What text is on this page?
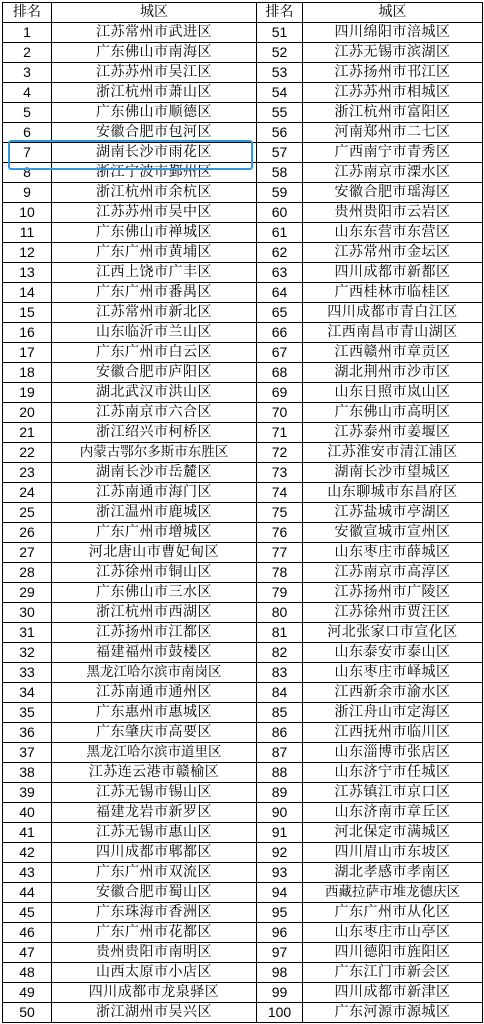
排名	城区	排名	城区
1	江苏常州市武进区	51	四川绵阳市涪城区
2	广东佛山市南海区	52	江苏无锡市滨湖区
3	江苏苏州市吴江区	53	江苏扬州市邗江区
4	浙江杭州市萧山区	54	江苏苏州市相城区
5	广东佛山市顺德区	55	浙江杭州市富阳区
6	安徽合肥市包河区	56	河南郑州市二七区
7	湖南长沙市雨花区	57	广西南宁市青秀区
8	浙江宁波市鄞州区	58	江苏南京市溧水区
9	浙江杭州市余杭区	59	安徽合肥市瑶海区
10	江苏苏州市吴中区	60	贵州贵阳市云岩区
11	广东佛山市禅城区	61	山东东营市东营区
12	广东广州市黄埔区	62	江苏常州市金坛区
13	江西上饶市广丰区	63	四川成都市新都区
14	广东广州市番禺区	64	广西桂林市临桂区
15	江苏常州市新北区	65	四川成都市青白江区
16	山东临沂市兰山区	66	江西南昌市青山湖区
17	广东广州市白云区	67	江西赣州市章贡区
18	安徽合肥市庐阳区	68	湖北荆州市沙市区
19	湖北武汉市洪山区	69	山东日照市岚山区
20	江苏南京市六合区	70	广东佛山市高明区
21	浙江绍兴市柯桥区	71	江苏泰州市姜堰区
22	内蒙古鄂尔多斯市东胜区	72	江苏淮安市清江浦区
23	湖南长沙市岳麓区	73	湖南长沙市望城区
24	江苏南通市海门区	74	山东聊城市东昌府区
25	浙江温州市鹿城区	75	江苏盐城市亭湖区
26	广东广州市增城区	76	安徽宣城市宣州区
27	河北唐山市曹妃甸区	77	山东枣庄市薛城区
28	江苏徐州市铜山区	78	江苏南京市高淳区
29	广东佛山市三水区	79	江苏扬州市广陵区
30	浙江杭州市西湖区	80	江苏徐州市贾汪区
31	江苏扬州市江都区	81	河北张家口市宣化区
32	福建福州市鼓楼区	82	山东泰安市泰山区
33	黑龙江哈尔滨市南岗区	83	山东枣庄市峄城区
34	江苏南通市通州区	84	江西新余市渝水区
35	广东惠州市惠城区	85	浙江舟山市定海区
36	广东肇庆市高要区	86	江西抚州市临川区
37	黑龙江哈尔滨市道里区	87	山东淄博市张店区
38	江苏连云港市赣榆区	88	山东济宁市任城区
39	江苏无锡市锡山区	89	江苏镇江市京口区
40	福建龙岩市新罗区	90	山东济南市章丘区
41	江苏无锡市惠山区	91	河北保定市满城区
42	四川成都市郫都区	92	四川眉山市东坡区
43	广东广州市双流区	93	湖北孝感市孝南区
44	安徽合肥市蜀山区	94	西藏拉萨市堆龙德庆区
45	广东珠海市香洲区	95	广东广州市从化区
46	广东广州市花都区	96	山东枣庄市山亭区
47	贵州贵阳市南明区	97	四川德阳市旌阳区
48	山西太原市小店区	98	广东江门市新会区
49	四川成都市龙泉驿区	99	四川成都市新津区
50	浙江湖州市吴兴区	100	广东河源市源城区
